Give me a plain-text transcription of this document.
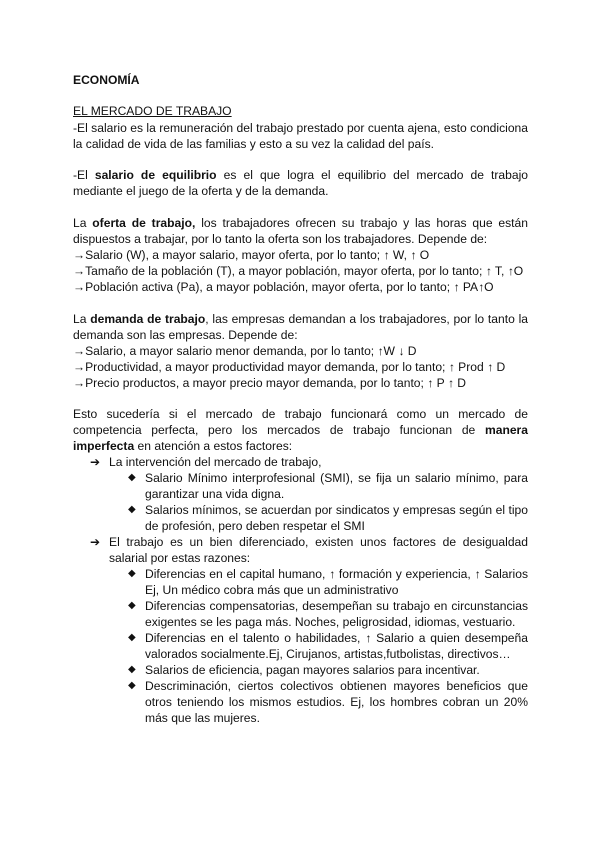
ECONOMÍA
EL MERCADO DE TRABAJO
-El salario es la remuneración del trabajo prestado por cuenta ajena, esto condiciona
la calidad de vida de las familias y esto a su vez la calidad del país.
-El salario de equilibrio es el que logra el equilibrio del mercado de trabajo
mediante el juego de la oferta y de la demanda.
La oferta de trabajo, los trabajadores ofrecen su trabajo y las horas que están
dispuestos a trabajar, por lo tanto la oferta son los trabajadores. Depende de:
→Salario (W), a mayor salario, mayor oferta, por lo tanto; ↑ W, ↑ O
→Tamaño de la población (T), a mayor población, mayor oferta, por lo tanto; ↑ T, ↑O
→Población activa (Pa), a mayor población, mayor oferta, por lo tanto; ↑ PA↑O
La demanda de trabajo, las empresas demandan a los trabajadores, por lo tanto la
demanda son las empresas. Depende de:
→Salario, a mayor salario menor demanda, por lo tanto; ↑W ↓ D
→Productividad, a mayor productividad mayor demanda, por lo tanto; ↑ Prod ↑ D
→Precio productos, a mayor precio mayor demanda, por lo tanto; ↑ P ↑ D
Esto sucedería si el mercado de trabajo funcionará como un mercado de
competencia perfecta, pero los mercados de trabajo funcionan de manera
imperfecta en atención a estos factores:
➔ La intervención del mercado de trabajo,
◆ Salario Mínimo interprofesional (SMI), se fija un salario mínimo, para
garantizar una vida digna.
◆ Salarios mínimos, se acuerdan por sindicatos y empresas según el tipo
de profesión, pero deben respetar el SMI
➔ El trabajo es un bien diferenciado, existen unos factores de desigualdad
salarial por estas razones:
◆ Diferencias en el capital humano, ↑ formación y experiencia, ↑ Salarios
Ej, Un médico cobra más que un administrativo
◆ Diferencias compensatorias, desempeñan su trabajo en circunstancias
exigentes se les paga más. Noches, peligrosidad, idiomas, vestuario.
◆ Diferencias en el talento o habilidades, ↑ Salario a quien desempeña
valorados socialmente.Ej, Cirujanos, artistas,futbolistas, directivos…
◆ Salarios de eficiencia, pagan mayores salarios para incentivar.
◆ Descriminación, ciertos colectivos obtienen mayores beneficios que
otros teniendo los mismos estudios. Ej, los hombres cobran un 20%
más que las mujeres.
